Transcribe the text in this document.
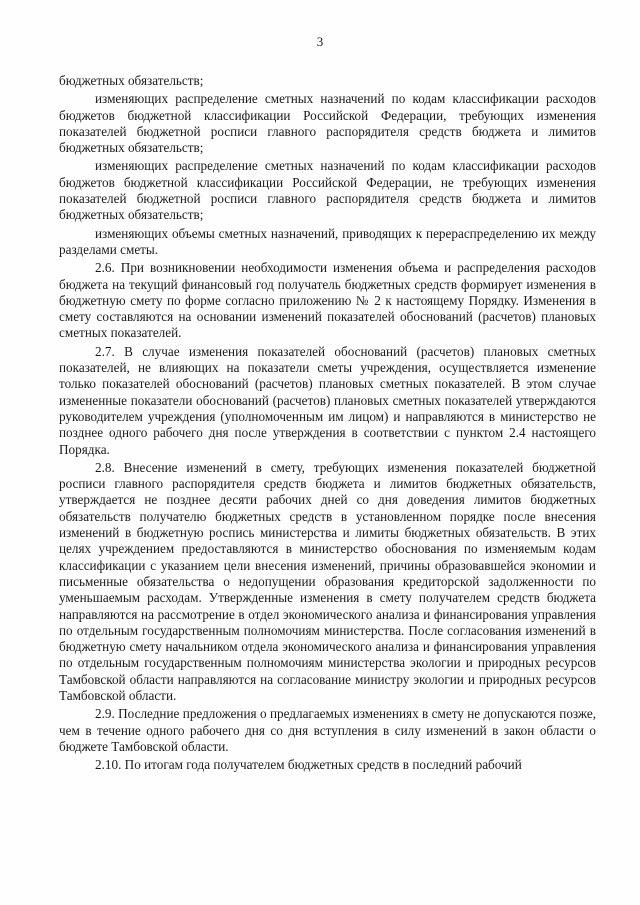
3

бюджетных обязательств;

изменяющих распределение сметных назначений по кодам классификации расходов бюджетов бюджетной классификации Российской Федерации, требующих изменения показателей бюджетной росписи главного распорядителя средств бюджета и лимитов бюджетных обязательств;

изменяющих распределение сметных назначений по кодам классификации расходов бюджетов бюджетной классификации Российской Федерации, не требующих изменения показателей бюджетной росписи главного распорядителя средств бюджета и лимитов бюджетных обязательств;

изменяющих объемы сметных назначений, приводящих к перераспределению их между разделами сметы.

2.6. При возникновении необходимости изменения объема и распределения расходов бюджета на текущий финансовый год получатель бюджетных средств формирует изменения в бюджетную смету по форме согласно приложению № 2 к настоящему Порядку. Изменения в смету составляются на основании изменений показателей обоснований (расчетов) плановых сметных показателей.

2.7. В случае изменения показателей обоснований (расчетов) плановых сметных показателей, не влияющих на показатели сметы учреждения, осуществляется изменение только показателей обоснований (расчетов) плановых сметных показателей. В этом случае измененные показатели обоснований (расчетов) плановых сметных показателей утверждаются руководителем учреждения (уполномоченным им лицом) и направляются в министерство не позднее одного рабочего дня после утверждения в соответствии с пунктом 2.4 настоящего Порядка.

2.8. Внесение изменений в смету, требующих изменения показателей бюджетной росписи главного распорядителя средств бюджета и лимитов бюджетных обязательств, утверждается не позднее десяти рабочих дней со дня доведения лимитов бюджетных обязательств получателю бюджетных средств в установленном порядке после внесения изменений в бюджетную роспись министерства и лимиты бюджетных обязательств. В этих целях учреждением предоставляются в министерство обоснования по изменяемым кодам классификации с указанием цели внесения изменений, причины образовавшейся экономии и письменные обязательства о недопущении образования кредиторской задолженности по уменьшаемым расходам. Утвержденные изменения в смету получателем средств бюджета направляются на рассмотрение в отдел экономического анализа и финансирования управления по отдельным государственным полномочиям министерства. После согласования изменений в бюджетную смету начальником отдела экономического анализа и финансирования управления по отдельным государственным полномочиям министерства экологии и природных ресурсов Тамбовской области направляются на согласование министру экологии и природных ресурсов Тамбовской области.

2.9. Последние предложения о предлагаемых изменениях в смету не допускаются позже, чем в течение одного рабочего дня со дня вступления в силу изменений в закон области о бюджете Тамбовской области.

2.10. По итогам года получателем бюджетных средств в последний рабочий
